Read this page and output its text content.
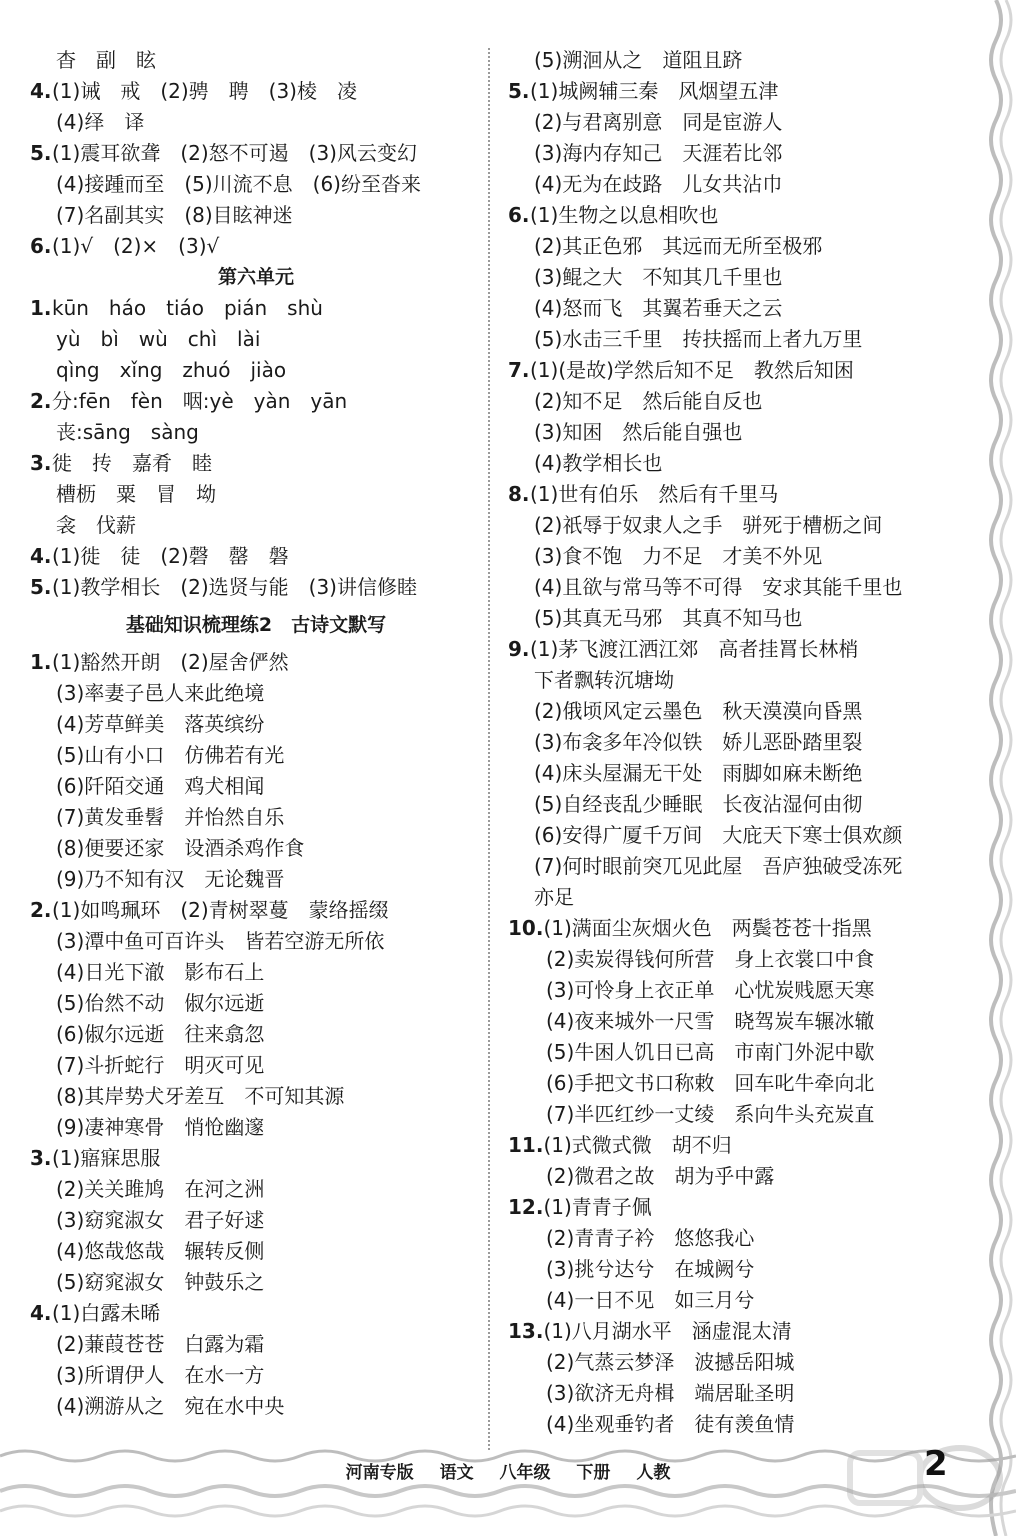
杳　副　眩
4.(1)诫　戒　(2)骋　聘　(3)棱　凌
(4)绎　译
5.(1)震耳欲聋　(2)怒不可遏　(3)风云变幻
(4)接踵而至　(5)川流不息　(6)纷至沓来
(7)名副其实　(8)目眩神迷
6.(1)√　(2)×　(3)√
第六单元
1.kūn　háo　tiáo　pián　shù
yù　bì　wù　chì　lài
qìng　xǐng　zhuó　jiào
2.分:fēn　fèn　咽:yè　yàn　yān
丧:sāng　sàng
3.徙　抟　嘉肴　睦
槽枥　粟　冒　坳
衾　伐薪
4.(1)徙　徒　(2)磬　罄　磐
5.(1)教学相长　(2)选贤与能　(3)讲信修睦
基础知识梳理练2　古诗文默写
1.(1)豁然开朗　(2)屋舍俨然
(3)率妻子邑人来此绝境
(4)芳草鲜美　落英缤纷
(5)山有小口　仿佛若有光
(6)阡陌交通　鸡犬相闻
(7)黄发垂髫　并怡然自乐
(8)便要还家　设酒杀鸡作食
(9)乃不知有汉　无论魏晋
2.(1)如鸣珮环　(2)青树翠蔓　蒙络摇缀
(3)潭中鱼可百许头　皆若空游无所依
(4)日光下澈　影布石上
(5)佁然不动　俶尔远逝
(6)俶尔远逝　往来翕忽
(7)斗折蛇行　明灭可见
(8)其岸势犬牙差互　不可知其源
(9)凄神寒骨　悄怆幽邃
3.(1)寤寐思服
(2)关关雎鸠　在河之洲
(3)窈窕淑女　君子好逑
(4)悠哉悠哉　辗转反侧
(5)窈窕淑女　钟鼓乐之
4.(1)白露未晞
(2)蒹葭苍苍　白露为霜
(3)所谓伊人　在水一方
(4)溯游从之　宛在水中央
(5)溯洄从之　道阻且跻
5.(1)城阙辅三秦　风烟望五津
(2)与君离别意　同是宦游人
(3)海内存知己　天涯若比邻
(4)无为在歧路　儿女共沾巾
6.(1)生物之以息相吹也
(2)其正色邪　其远而无所至极邪
(3)鲲之大　不知其几千里也
(4)怒而飞　其翼若垂天之云
(5)水击三千里　抟扶摇而上者九万里
7.(1)(是故)学然后知不足　教然后知困
(2)知不足　然后能自反也
(3)知困　然后能自强也
(4)教学相长也
8.(1)世有伯乐　然后有千里马
(2)祇辱于奴隶人之手　骈死于槽枥之间
(3)食不饱　力不足　才美不外见
(4)且欲与常马等不可得　安求其能千里也
(5)其真无马邪　其真不知马也
9.(1)茅飞渡江洒江郊　高者挂罥长林梢
下者飘转沉塘坳
(2)俄顷风定云墨色　秋天漠漠向昏黑
(3)布衾多年冷似铁　娇儿恶卧踏里裂
(4)床头屋漏无干处　雨脚如麻未断绝
(5)自经丧乱少睡眠　长夜沾湿何由彻
(6)安得广厦千万间　大庇天下寒士俱欢颜
(7)何时眼前突兀见此屋　吾庐独破受冻死
亦足
10.(1)满面尘灰烟火色　两鬓苍苍十指黑
(2)卖炭得钱何所营　身上衣裳口中食
(3)可怜身上衣正单　心忧炭贱愿天寒
(4)夜来城外一尺雪　晓驾炭车辗冰辙
(5)牛困人饥日已高　市南门外泥中歇
(6)手把文书口称敕　回车叱牛牵向北
(7)半匹红纱一丈绫　系向牛头充炭直
11.(1)式微式微　胡不归
(2)微君之故　胡为乎中露
12.(1)青青子佩
(2)青青子衿　悠悠我心
(3)挑兮达兮　在城阙兮
(4)一日不见　如三月兮
13.(1)八月湖水平　涵虚混太清
(2)气蒸云梦泽　波撼岳阳城
(3)欲济无舟楫　端居耻圣明
(4)坐观垂钓者　徒有羡鱼情
河南专版 语文 八年级 下册 人教	2
